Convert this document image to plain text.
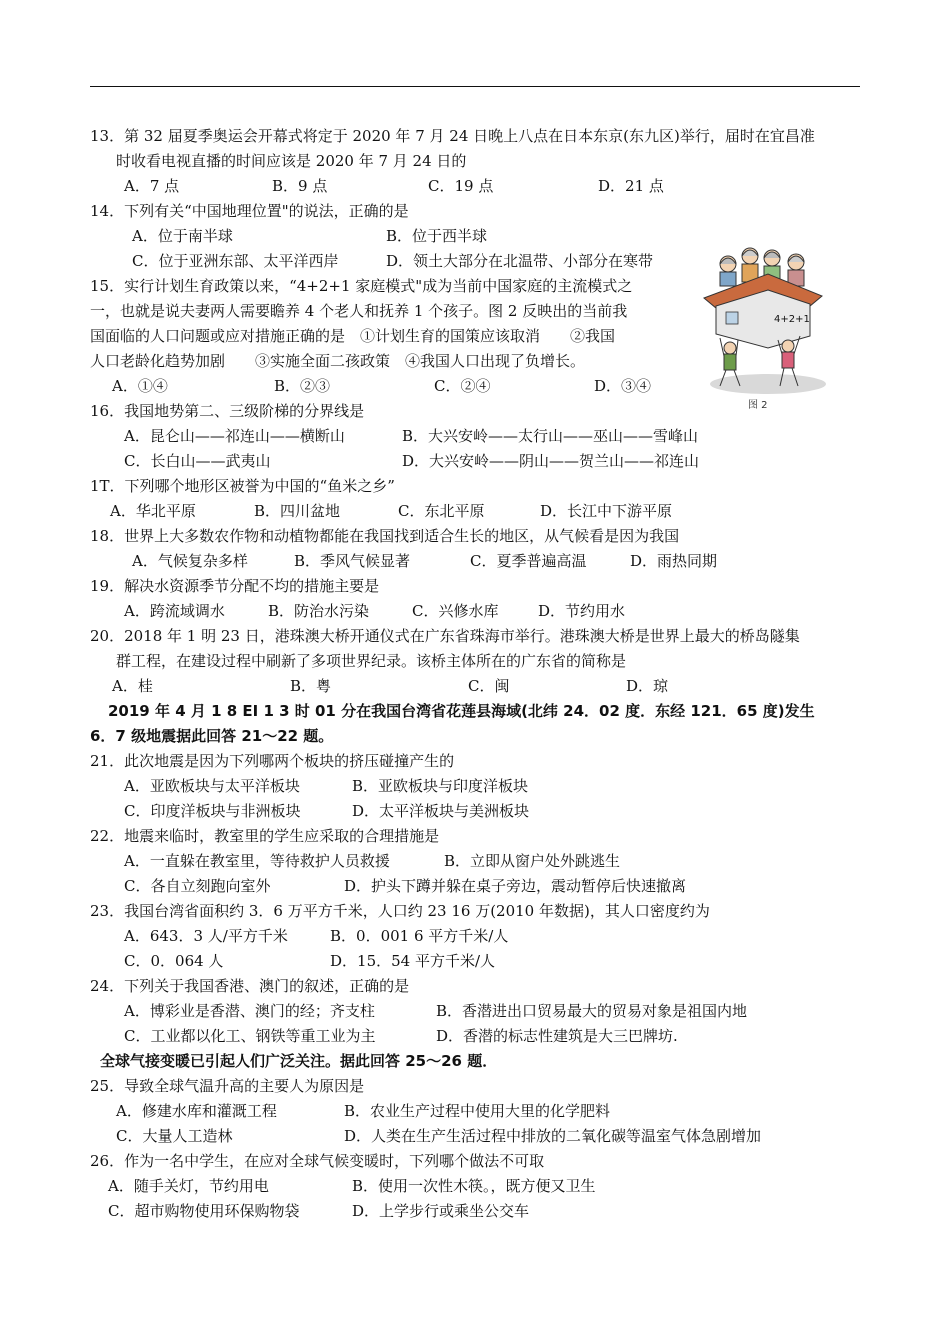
13．第 32 届夏季奥运会开幕式将定于 2020 年 7 月 24 日晚上八点在日本东京(东九区)举行，届时在宜昌准
时收看电视直播的时间应该是 2020 年 7 月 24 日的
A．7 点	B．9 点	C．19 点	D．21 点
14．下列有关“中国地理位置"的说法，正确的是
A．位于南半球	B．位于西半球
C．位于亚洲东部、太平洋西岸	D．领土大部分在北温带、小部分在寒带
15．实行计划生育政策以来，“4+2+1 家庭模式"成为当前中国家庭的主流模式之
一，也就是说夫妻两人需要瞻养 4 个老人和抚养 1 个孩子。图 2 反映出的当前我
国面临的人口问题或应对措施正确的是　①计划生育的国策应该取消　　②我国
人口老龄化趋势加剧　　③实施全面二孩政策　④我国人口出现了负增长。
A．①④	B．②③	C．②④	D．③④
4+2+1
图 2
16．我国地势第二、三级阶梯的分界线是
A．昆仑山——祁连山——横断山	B．大兴安岭——太行山——巫山——雪峰山
C．长白山——武夷山	D．大兴安岭——阴山——贺兰山——祁连山
1T．下列哪个地形区被誉为中国的“鱼米之乡”
A．华北平原	B．四川盆地	C．东北平原	D．长江中下游平原
18．世界上大多数农作物和动植物都能在我国找到适合生长的地区，从气候看是因为我国
A．气候复杂多样	B．季风气候显著	C．夏季普遍高温	D．雨热同期
19．解决水资源季节分配不均的措施主要是
A．跨流域调水	B．防治水污染	C．兴修水库	D．节约用水
20．2018 年 1 明 23 日，港珠澳大桥开通仪式在广东省珠海市举行。港珠澳大桥是世界上最大的桥岛隧集
群工程，在建设过程中刷新了多项世界纪录。该桥主体所在的广东省的简称是
A．桂	B．粤	C．闽	D．琼
2019 年 4 月 1 8 EI 1 3 时 01 分在我国台湾省花莲县海域(北纬 24．02 度．东经 121．65 度)发生
6．7 级地震据此回答 21～22 题。
21．此次地震是因为下列哪两个板块的挤压碰撞产生的
A．亚欧板块与太平洋板块	B．亚欧板块与印度洋板块
C．印度洋板块与非洲板块	D．太平洋板块与美洲板块
22．地震来临时，教室里的学生应采取的合理措施是
A．一直躲在教室里，等待救护人员救援	B．立即从窗户处外跳逃生
C．各自立刻跑向室外	D．护头下蹲并躲在桌子旁边，震动暂停后快速撤离
23．我国台湾省面积约 3．6 万平方千米，人口约 23 16 万(2010 年数据)，其人口密度约为
A．643．3 人/平方千米	B．0．001 6 平方千米/人
C．0．064 人	D．15．54 平方千米/人
24．下列关于我国香港、澳门的叙述，正确的是
A．博彩业是香潜、澳门的经；齐支柱	B．香潜进出口贸易最大的贸易对象是祖国内地
C．工业都以化工、钢铁等重工业为主	D．香潜的标志性建筑是大三巴牌坊.
全球气接变暖已引起人们广泛关注。据此回答 25～26 题．
25．导致全球气温升高的主要人为原因是
A．修建水库和灌溉工程	B．农业生产过程中使用大里的化学肥料
C．大量人工造林	D．人类在生产生活过程中排放的二氧化碳等温室气体急剧增加
26．作为一名中学生，在应对全球气候变暖时，下列哪个做法不可取
A．随手关灯，节约用电	B．使用一次性木筷。，既方便又卫生
C．超市购物使用环保购物袋	D．上学步行或乘坐公交车
